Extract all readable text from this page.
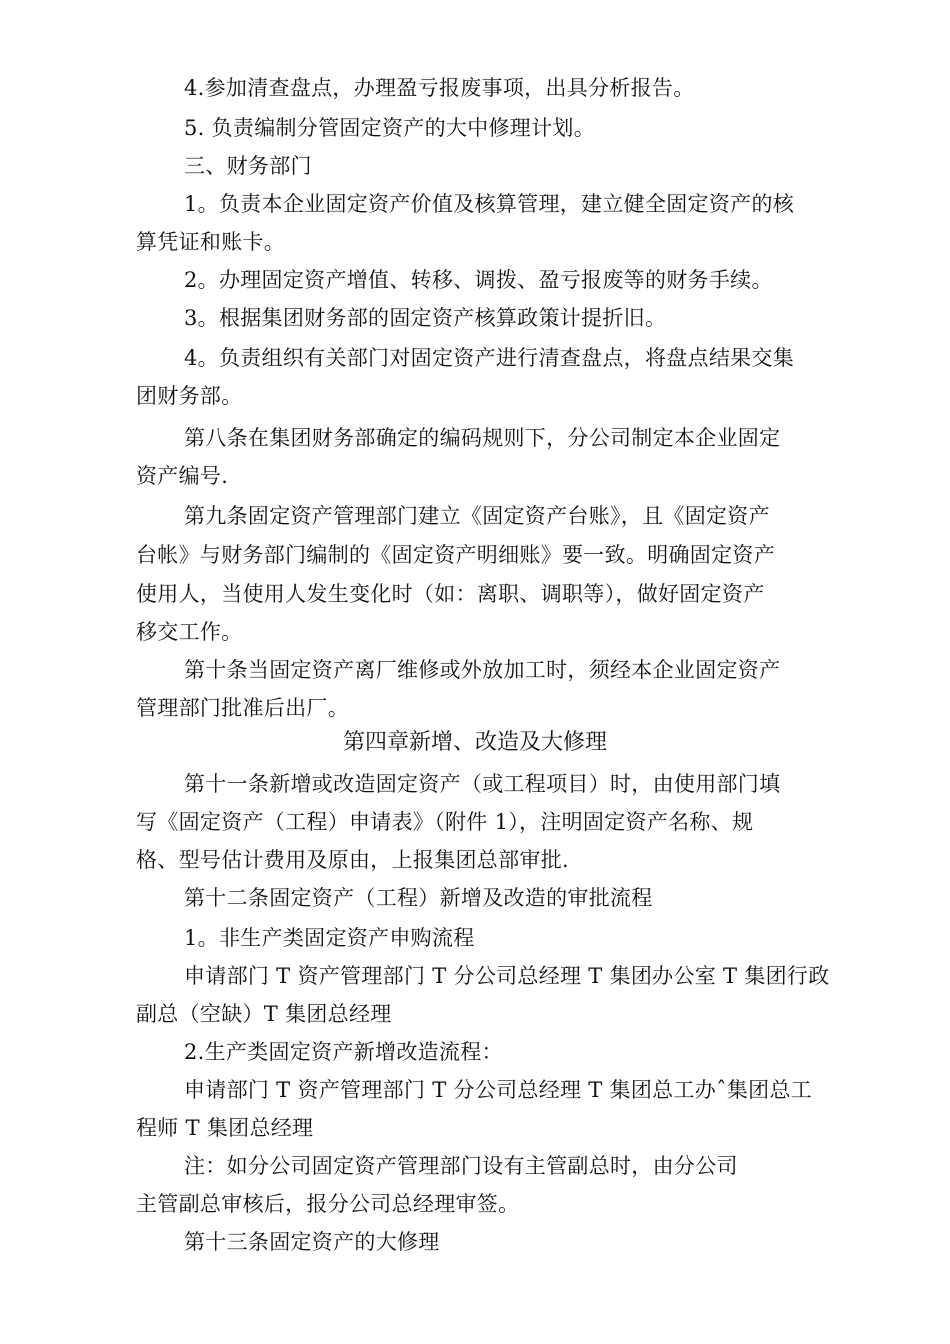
4.参加清查盘点，办理盈亏报废事项，出具分析报告。
5. 负责编制分管固定资产的大中修理计划。
三、财务部门
1。负责本企业固定资产价值及核算管理，建立健全固定资产的核
算凭证和账卡。
2。办理固定资产增值、转移、调拨、盈亏报废等的财务手续。
3。根据集团财务部的固定资产核算政策计提折旧。
4。负责组织有关部门对固定资产进行清查盘点，将盘点结果交集
团财务部。
第八条在集团财务部确定的编码规则下，分公司制定本企业固定
资产编号.
第九条固定资产管理部门建立《固定资产台账》，且《固定资产
台帐》与财务部门编制的《固定资产明细账》要一致。明确固定资产
使用人，当使用人发生变化时（如：离职、调职等），做好固定资产
移交工作。
第十条当固定资产离厂维修或外放加工时，须经本企业固定资产
管理部门批准后出厂。
第四章新增、改造及大修理
第十一条新增或改造固定资产（或工程项目）时，由使用部门填
写《固定资产（工程）申请表》（附件 1），注明固定资产名称、规
格、型号估计费用及原由，上报集团总部审批.
第十二条固定资产（工程）新增及改造的审批流程
1。非生产类固定资产申购流程
申请部门 T 资产管理部门 T 分公司总经理 T 集团办公室 T 集团行政
副总（空缺）T 集团总经理
2.生产类固定资产新增改造流程：
申请部门 T 资产管理部门 T 分公司总经理 T 集团总工办ˆ集团总工
程师 T 集团总经理
注：如分公司固定资产管理部门设有主管副总时，由分公司
主管副总审核后，报分公司总经理审签。
第十三条固定资产的大修理
